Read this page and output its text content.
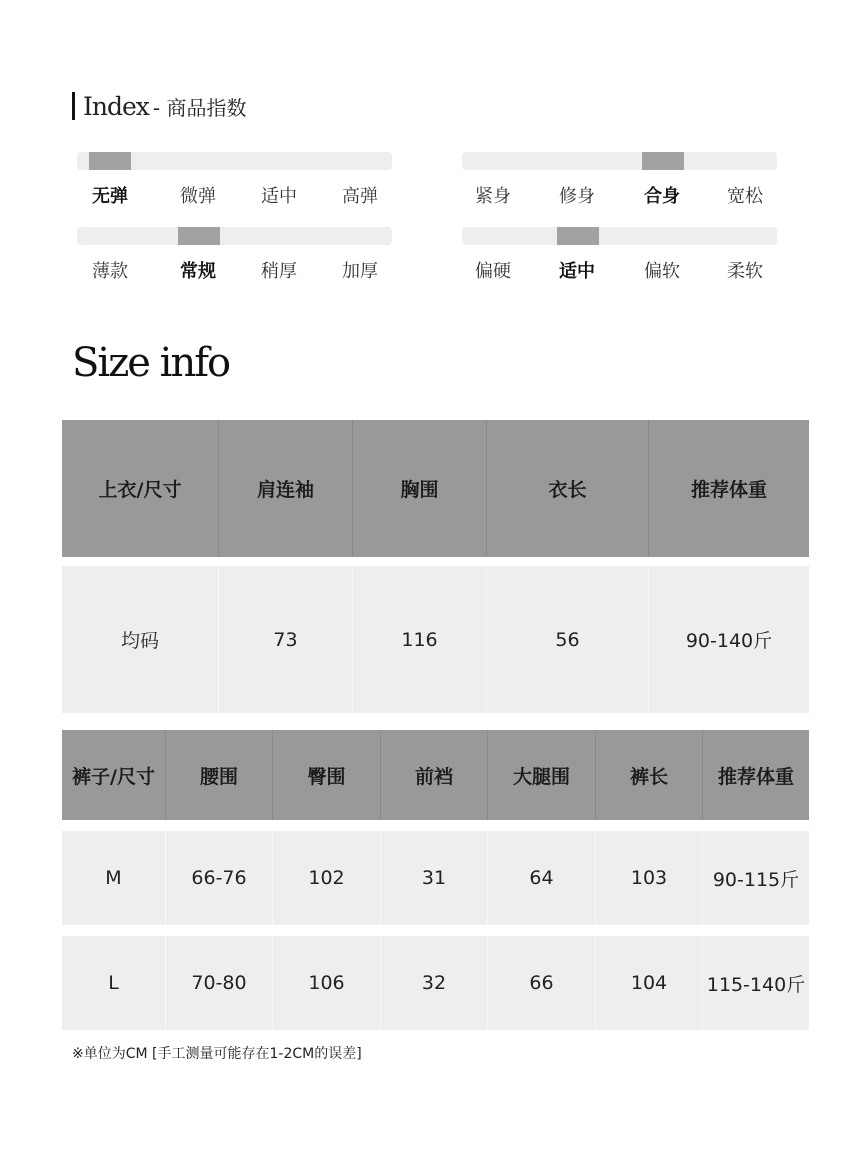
Index - 商品指数
无弹	微弹	适中	高弹	紧身	修身	合身	宽松
薄款	常规	稍厚	加厚	偏硬	适中	偏软	柔软
Size info
上衣/尺寸	肩连袖	胸围	衣长	推荐体重
均码	73	116	56	90-140斤
裤子/尺寸	腰围	臀围	前裆	大腿围	裤长	推荐体重
M	66-76	102	31	64	103	90-115斤
L	70-80	106	32	66	104	115-140斤
※单位为CM [手工测量可能存在1-2CM的误差]
